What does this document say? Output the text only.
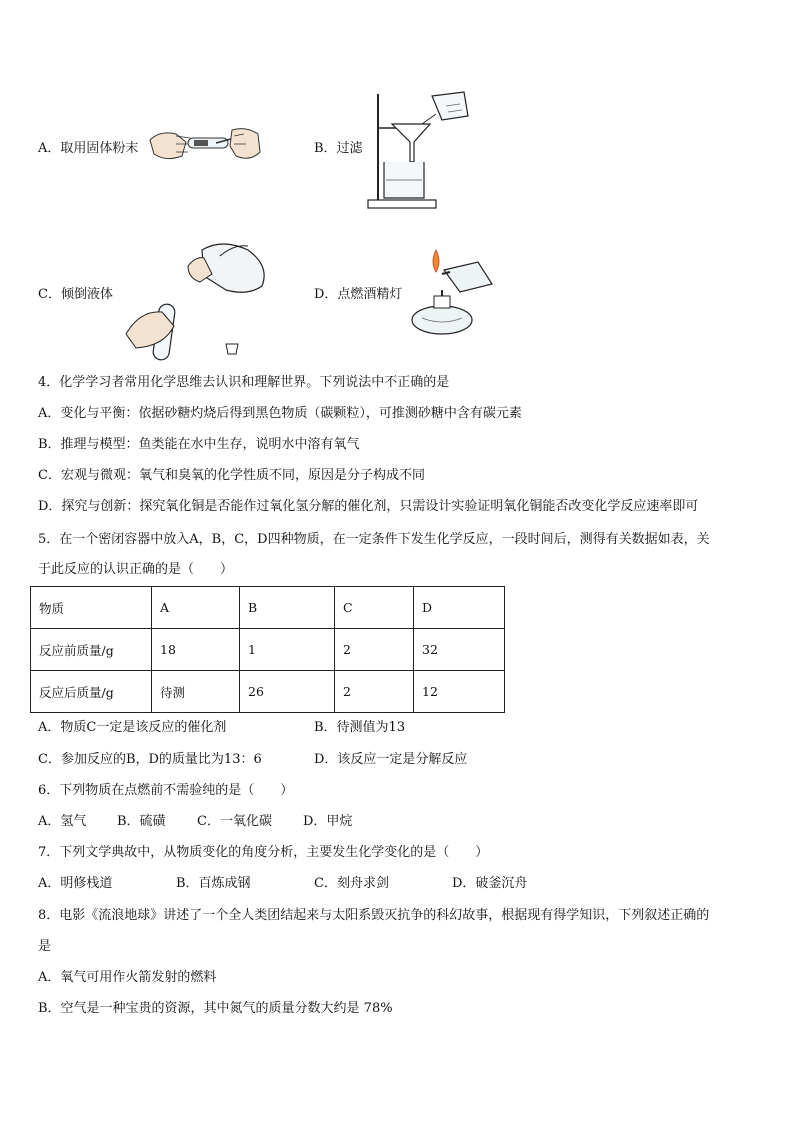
A．取用固体粉末	B．过滤
C．倾倒液体	D．点燃酒精灯
4．化学学习者常用化学思维去认识和理解世界。下列说法中不正确的是
A．变化与平衡：依据砂糖灼烧后得到黑色物质（碳颗粒），可推测砂糖中含有碳元素
B．推理与模型：鱼类能在水中生存，说明水中溶有氧气
C．宏观与微观：氧气和臭氧的化学性质不同，原因是分子构成不同
D．探究与创新：探究氧化铜是否能作过氧化氢分解的催化剂，只需设计实验证明氧化铜能否改变化学反应速率即可
5．在一个密闭容器中放入A，B，C，D四种物质，在一定条件下发生化学反应，一段时间后，测得有关数据如表，关
于此反应的认识正确的是（　　）
物质	A	B	C	D
反应前质量/g	18	1	2	32
反应后质量/g	待测	26	2	12
A．物质C一定是该反应的催化剂	B．待测值为13
C．参加反应的B，D的质量比为13：6	D．该反应一定是分解反应
6．下列物质在点燃前不需验纯的是（　　）
A．氢气 B．硫磺 C．一氧化碳 D．甲烷
7．下列文学典故中，从物质变化的角度分析，主要发生化学变化的是（　　）
A．明修栈道	B．百炼成钢	C．刻舟求剑	D．破釜沉舟
8．电影《流浪地球》讲述了一个全人类团结起来与太阳系毁灭抗争的科幻故事，根据现有得学知识，下列叙述正确的
是
A．氧气可用作火箭发射的燃料
B．空气是一种宝贵的资源，其中氮气的质量分数大约是 78%
